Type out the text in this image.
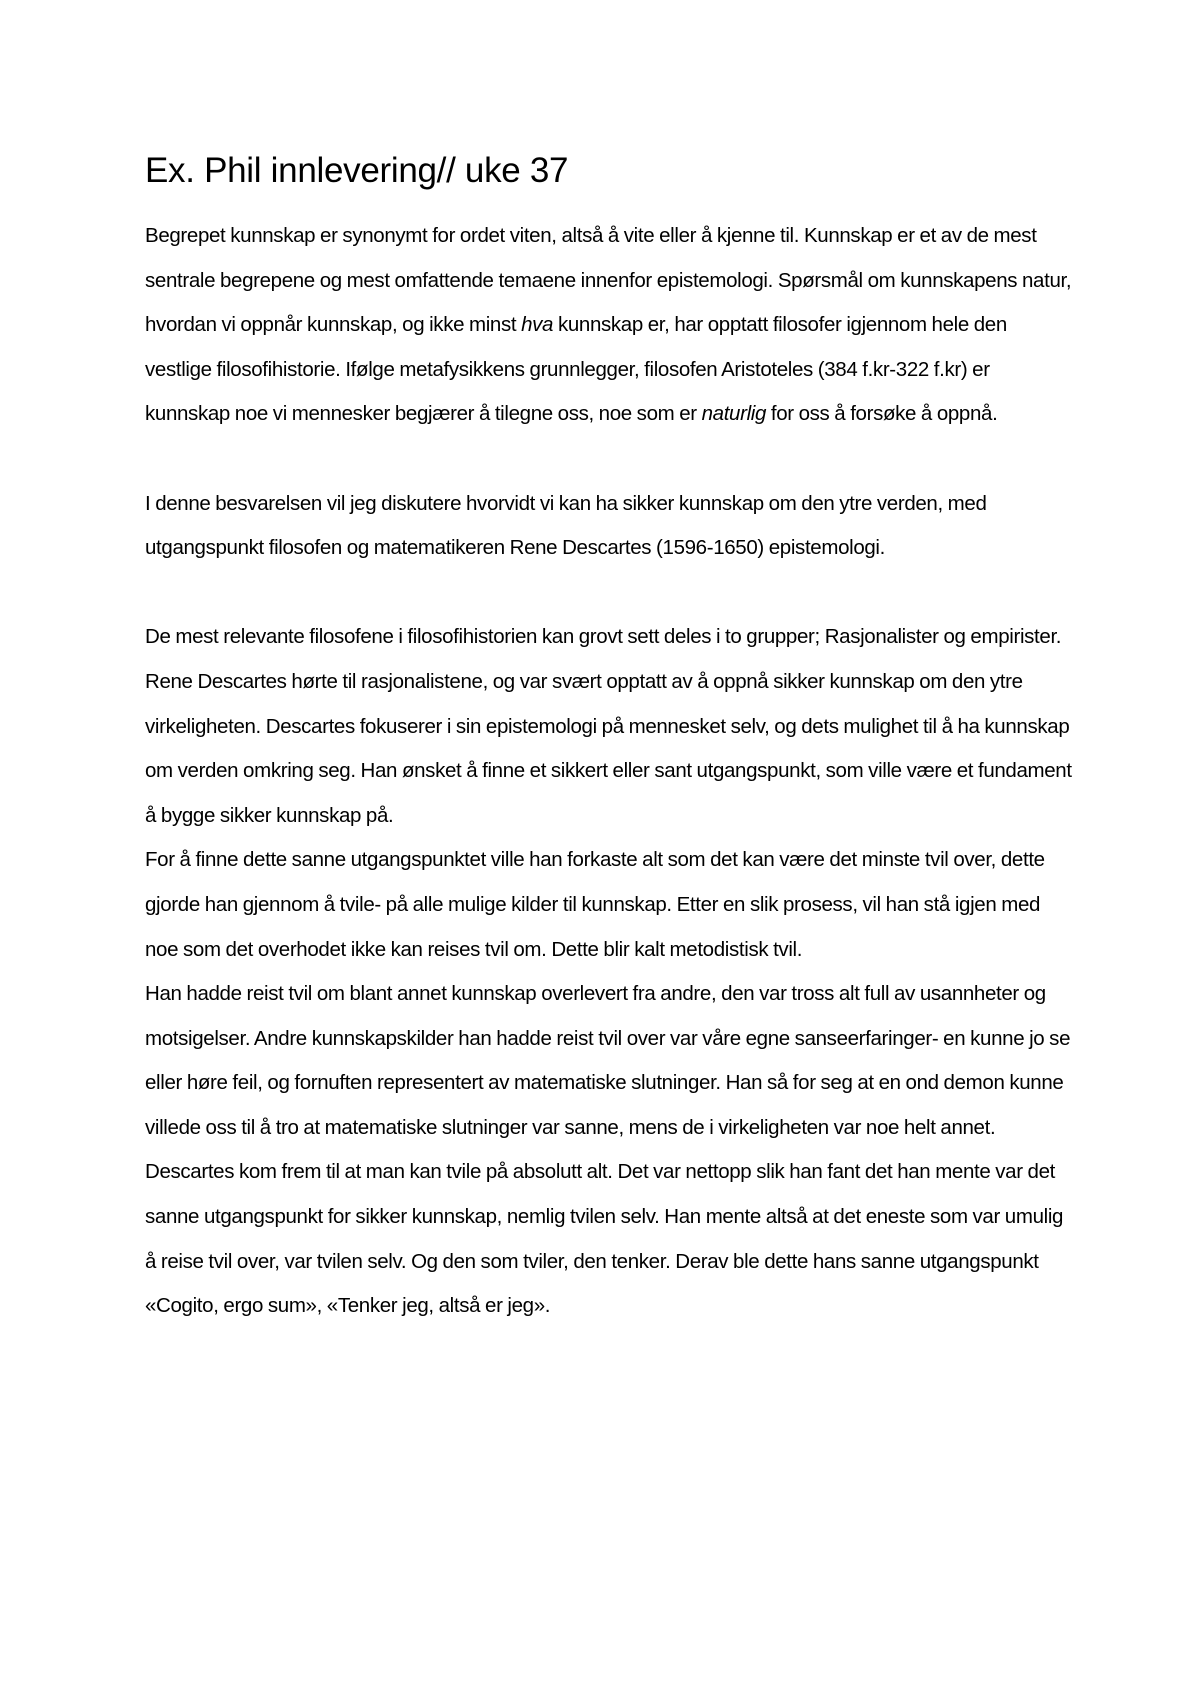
Ex. Phil innlevering// uke 37

Begrepet kunnskap er synonymt for ordet viten, altså å vite eller å kjenne til. Kunnskap er et av de mest sentrale begrepene og mest omfattende temaene innenfor epistemologi. Spørsmål om kunnskapens natur, hvordan vi oppnår kunnskap, og ikke minst hva kunnskap er, har opptatt filosofer igjennom hele den vestlige filosofihistorie. Ifølge metafysikkens grunnlegger, filosofen Aristoteles (384 f.kr-322 f.kr) er kunnskap noe vi mennesker begjærer å tilegne oss, noe som er naturlig for oss å forsøke å oppnå.

I denne besvarelsen vil jeg diskutere hvorvidt vi kan ha sikker kunnskap om den ytre verden, med utgangspunkt filosofen og matematikeren Rene Descartes (1596-1650) epistemologi.

De mest relevante filosofene i filosofihistorien kan grovt sett deles i to grupper; Rasjonalister og empirister.

Rene Descartes hørte til rasjonalistene, og var svært opptatt av å oppnå sikker kunnskap om den ytre virkeligheten. Descartes fokuserer i sin epistemologi på mennesket selv, og dets mulighet til å ha kunnskap om verden omkring seg. Han ønsket å finne et sikkert eller sant utgangspunkt, som ville være et fundament å bygge sikker kunnskap på.

For å finne dette sanne utgangspunktet ville han forkaste alt som det kan være det minste tvil over, dette gjorde han gjennom å tvile- på alle mulige kilder til kunnskap. Etter en slik prosess, vil han stå igjen med noe som det overhodet ikke kan reises tvil om. Dette blir kalt metodistisk tvil.

Han hadde reist tvil om blant annet kunnskap overlevert fra andre, den var tross alt full av usannheter og motsigelser. Andre kunnskapskilder han hadde reist tvil over var våre egne sanseerfaringer- en kunne jo se eller høre feil, og fornuften representert av matematiske slutninger. Han så for seg at en ond demon kunne villede oss til å tro at matematiske slutninger var sanne, mens de i virkeligheten var noe helt annet.

Descartes kom frem til at man kan tvile på absolutt alt. Det var nettopp slik han fant det han mente var det sanne utgangspunkt for sikker kunnskap, nemlig tvilen selv. Han mente altså at det eneste som var umulig å reise tvil over, var tvilen selv. Og den som tviler, den tenker. Derav ble dette hans sanne utgangspunkt «Cogito, ergo sum», «Tenker jeg, altså er jeg».
